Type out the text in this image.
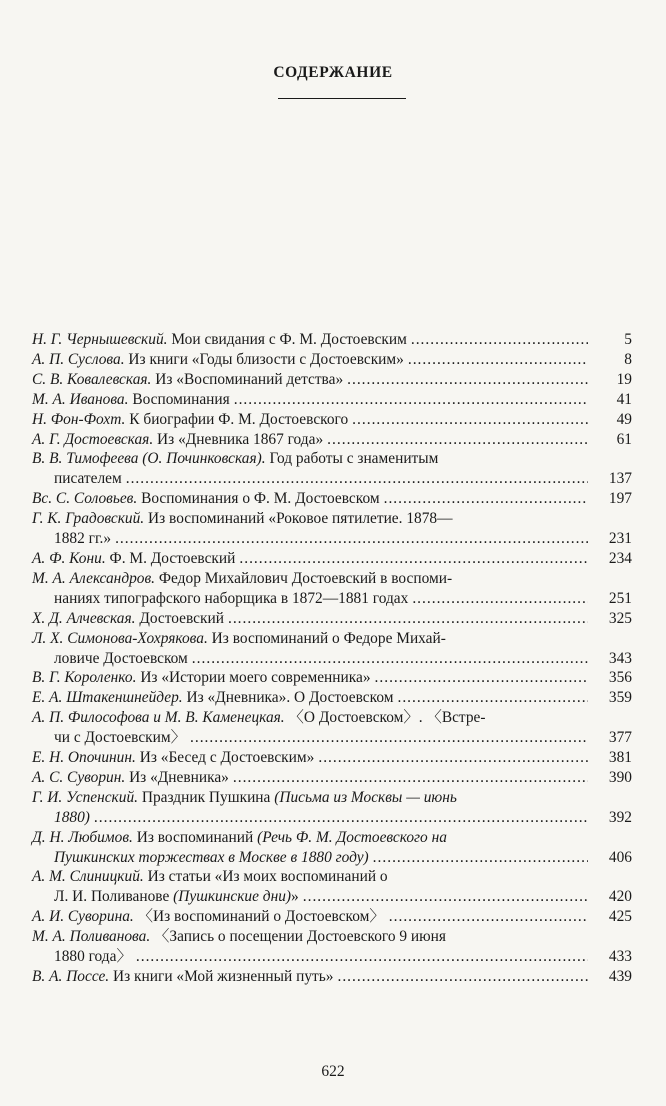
СОДЕРЖАНИЕ
Н. Г. Чернышевский. Мои свидания с Ф. М. Достоевским .....	5
А. П. Суслова. Из книги «Годы близости с Достоевским» .....	8
С. В. Ковалевская. Из «Воспоминаний детства» .....	19
М. А. Иванова. Воспоминания .....	41
Н. Фон-Фохт. К биографии Ф. М. Достоевского .....	49
А. Г. Достоевская. Из «Дневника 1867 года» .....	61
В. В. Тимофеева (О. Починковская). Год работы с знаменитым
писателем .....	137
Вс. С. Соловьев. Воспоминания о Ф. М. Достоевском .....	197
Г. К. Градовский. Из воспоминаний «Роковое пятилетие. 1878—
1882 гг.» .....	231
А. Ф. Кони. Ф. М. Достоевский .....	234
М. А. Александров. Федор Михайлович Достоевский в воспоми-
наниях типографского наборщика в 1872—1881 годах .....	251
Х. Д. Алчевская. Достоевский .....	325
Л. Х. Симонова-Хохрякова. Из воспоминаний о Федоре Михай-
ловиче Достоевском .....	343
В. Г. Короленко. Из «Истории моего современника» .....	356
Е. А. Штакеншнейдер. Из «Дневника». О Достоевском .....	359
А. П. Философова и М. В. Каменецкая. 〈О Достоевском〉. 〈Встре-
чи с Достоевским〉 .....	377
Е. Н. Опочинин. Из «Бесед с Достоевским» .....	381
А. С. Суворин. Из «Дневника» .....	390
Г. И. Успенский. Праздник Пушкина (Письма из Москвы — июнь
1880) .....	392
Д. Н. Любимов. Из воспоминаний (Речь Ф. М. Достоевского на
Пушкинских торжествах в Москве в 1880 году) .....	406
А. М. Слиницкий. Из статьи «Из моих воспоминаний о
Л. И. Поливанове (Пушкинские дни)» .....	420
А. И. Суворина. 〈Из воспоминаний о Достоевском〉 .....	425
М. А. Поливанова. 〈Запись о посещении Достоевского 9 июня
1880 года〉 .....	433
В. А. Поссе. Из книги «Мой жизненный путь» .....	439
622
